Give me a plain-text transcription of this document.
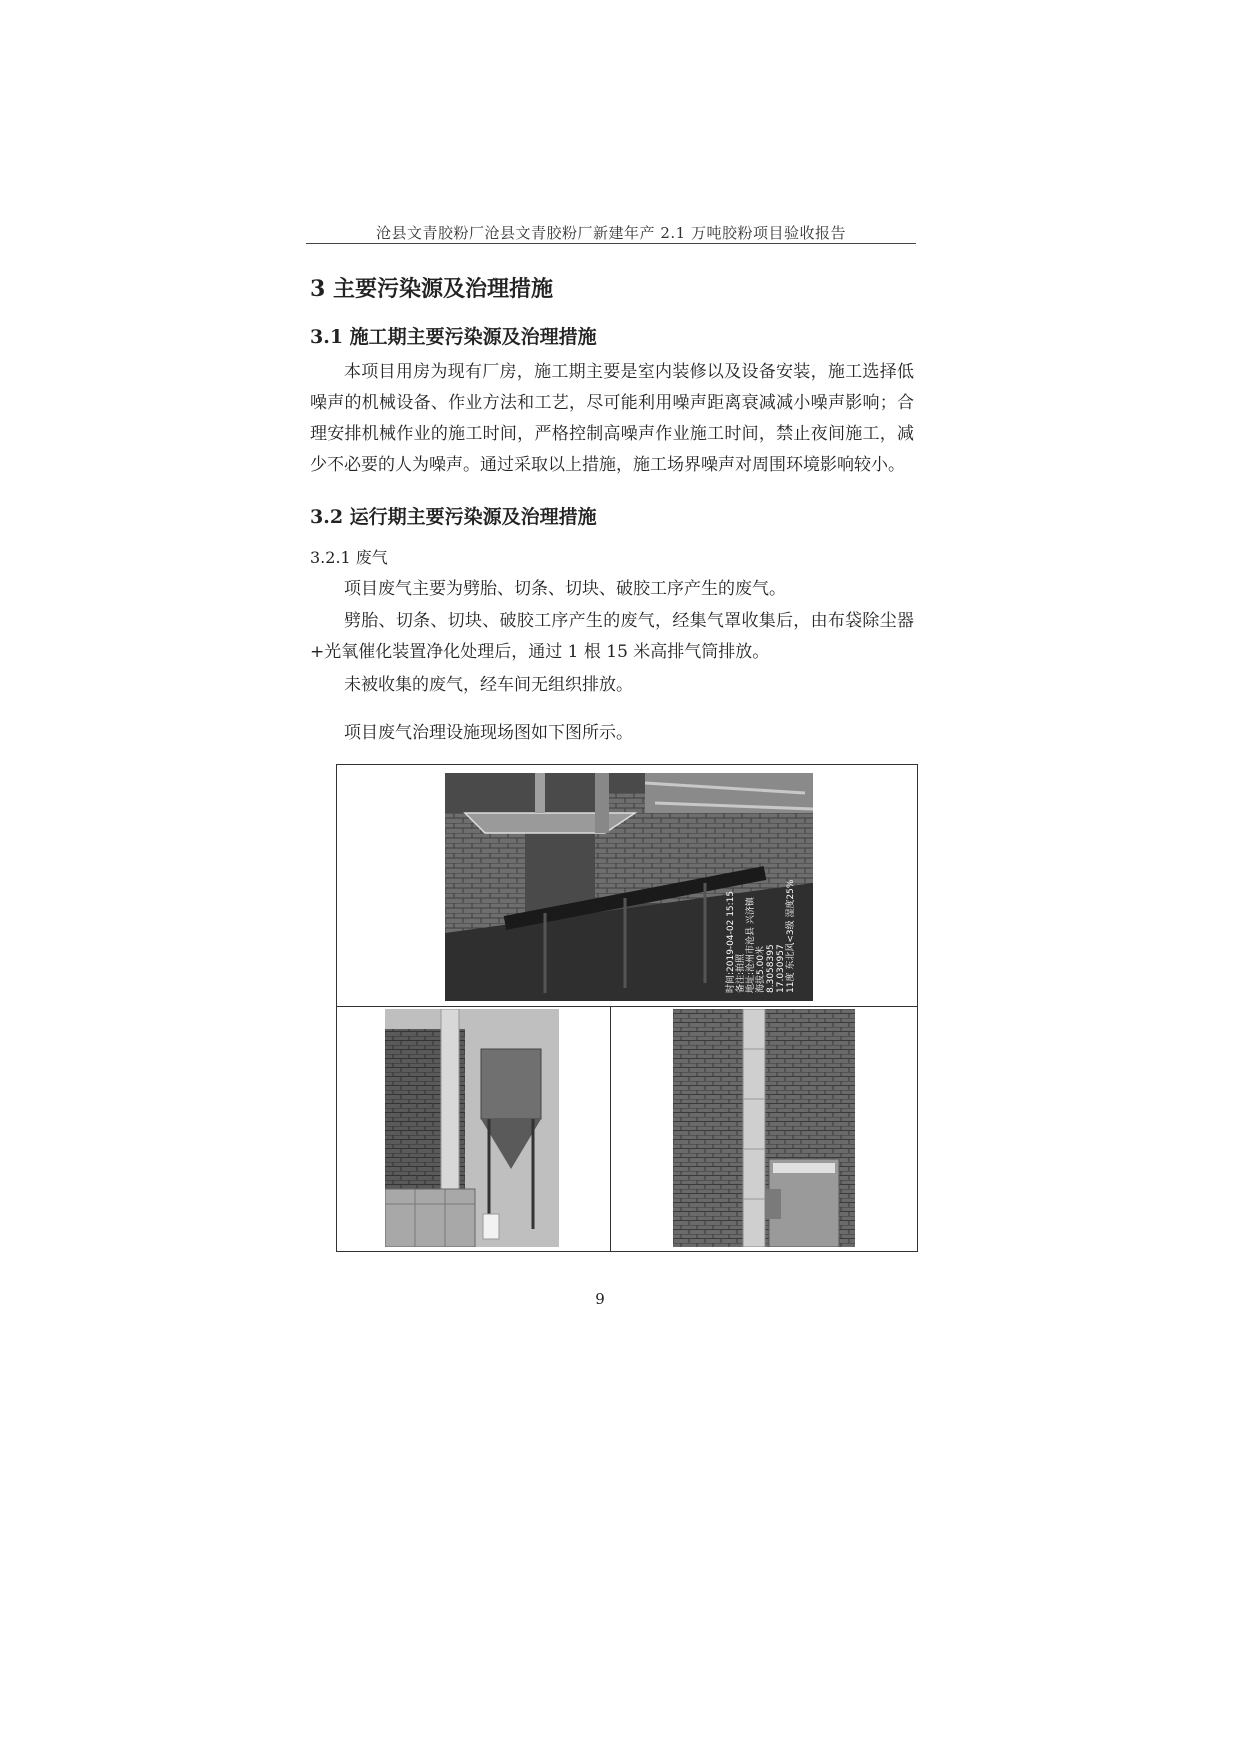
沧县文青胶粉厂沧县文青胶粉厂新建年产 2.1 万吨胶粉项目验收报告
3 主要污染源及治理措施
3.1 施工期主要污染源及治理措施

本项目用房为现有厂房，施工期主要是室内装修以及设备安装，施工选择低噪声的机械设备、作业方法和工艺，尽可能利用噪声距离衰减减小噪声影响；合理安排机械作业的施工时间，严格控制高噪声作业施工时间，禁止夜间施工，减少不必要的人为噪声。通过采取以上措施，施工场界噪声对周围环境影响较小。

3.2 运行期主要污染源及治理措施
3.2.1 废气

项目废气主要为劈胎、切条、切块、破胶工序产生的废气。

劈胎、切条、切块、破胶工序产生的废气，经集气罩收集后，由布袋除尘器+光氧催化装置净化处理后，通过 1 根 15 米高排气筒排放。

未被收集的废气，经车间无组织排放。

项目废气治理设施现场图如下图所示。

11度 东北风<3级 湿度25%
17.030957
8.3058395
海拔5.00米
地址:沧州市沧县 兴济镇
备注:拍照
时间:2019-04-02 15:15
9
